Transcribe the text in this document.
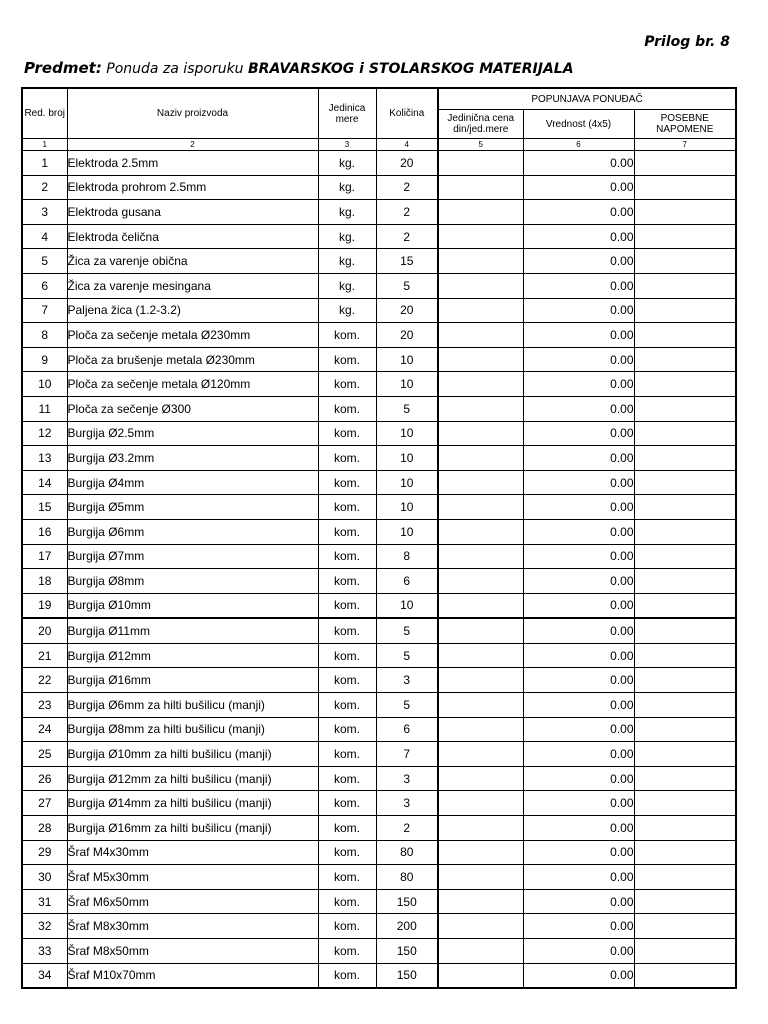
Prilog br. 8
Predmet: Ponuda za isporuku BRAVARSKOG i STOLARSKOG MATERIJALA
Red. broj	Naziv proizvoda	Jedinica mere	Količina	POPUNJAVA PONUĐAČ		
				Jedinična cena din/jed.mere	Vrednost (4x5)	POSEBNE NAPOMENE
1	2	3	4	5	6	7
1	Elektroda 2.5mm	kg.	20		0.00	
2	Elektroda prohrom 2.5mm	kg.	2		0.00	
3	Elektroda gusana	kg.	2		0.00	
4	Elektroda čelična	kg.	2		0.00	
5	Žica za varenje obična	kg.	15		0.00	
6	Žica za varenje mesingana	kg.	5		0.00	
7	Paljena žica (1.2-3.2)	kg.	20		0.00	
8	Ploča za sečenje metala Ø230mm	kom.	20		0.00	
9	Ploča za brušenje metala Ø230mm	kom.	10		0.00	
10	Ploča za sečenje metala Ø120mm	kom.	10		0.00	
11	Ploča za sečenje Ø300	kom.	5		0.00	
12	Burgija Ø2.5mm	kom.	10		0.00	
13	Burgija Ø3.2mm	kom.	10		0.00	
14	Burgija Ø4mm	kom.	10		0.00	
15	Burgija Ø5mm	kom.	10		0.00	
16	Burgija Ø6mm	kom.	10		0.00	
17	Burgija Ø7mm	kom.	8		0.00	
18	Burgija Ø8mm	kom.	6		0.00	
19	Burgija Ø10mm	kom.	10		0.00	
20	Burgija Ø11mm	kom.	5		0.00	
21	Burgija Ø12mm	kom.	5		0.00	
22	Burgija Ø16mm	kom.	3		0.00	
23	Burgija Ø6mm za hilti bušilicu (manji)	kom.	5		0.00	
24	Burgija Ø8mm za hilti bušilicu (manji)	kom.	6		0.00	
25	Burgija Ø10mm za hilti bušilicu (manji)	kom.	7		0.00	
26	Burgija Ø12mm za hilti bušilicu (manji)	kom.	3		0.00	
27	Burgija Ø14mm za hilti bušilicu (manji)	kom.	3		0.00	
28	Burgija Ø16mm za hilti bušilicu (manji)	kom.	2		0.00	
29	Šraf M4x30mm	kom.	80		0.00	
30	Šraf M5x30mm	kom.	80		0.00	
31	Šraf M6x50mm	kom.	150		0.00	
32	Šraf M8x30mm	kom.	200		0.00	
33	Šraf M8x50mm	kom.	150		0.00	
34	Šraf M10x70mm	kom.	150		0.00	
